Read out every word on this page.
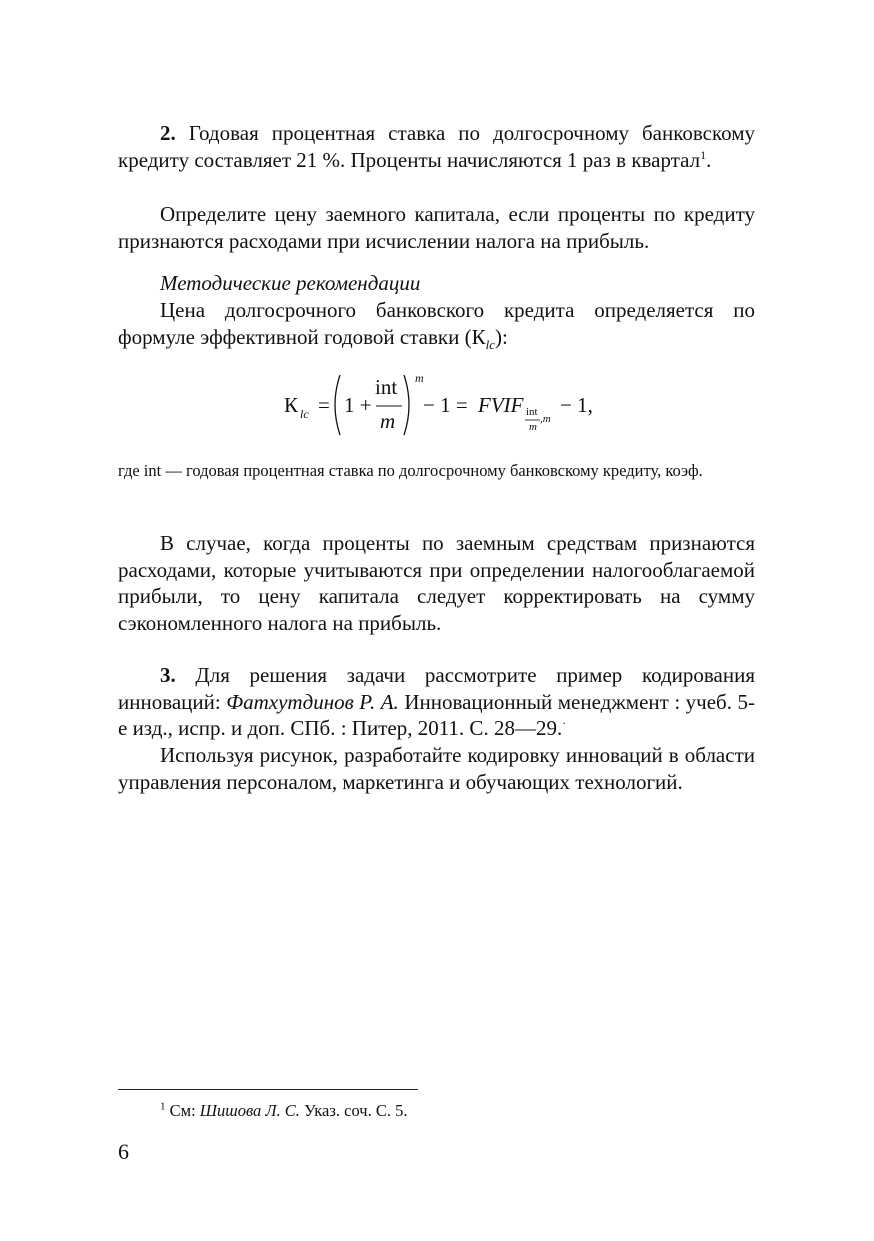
2. Годовая процентная ставка по долгосрочному банковскому кредиту составляет 21 %. Проценты начисляются 1 раз в квартал$^1$.

Определите цену заемного капитала, если проценты по кредиту признаются расходами при исчислении налога на прибыль.

Методические рекомендации

Цена долгосрочного банковского кредита определяется по формуле эффективной годовой ставки $(К_{lc})$:

К lc = 1 +
int
m
m
− 1 = FVIF int
m
,m
− 1,

где int — годовая процентная ставка по долгосрочному банковскому кредиту, коэф.

В случае, когда проценты по заемным средствам признаются расходами, которые учитываются при определении налогооблагаемой прибыли, то цену капитала следует корректировать на сумму сэкономленного налога на прибыль.

3. Для решения задачи рассмотрите пример кодирования инноваций: Фатхутдинов Р. А. Инновационный менеджмент : учеб. 5-е изд., испр. и доп. СПб. : Питер, 2011. С. 28—29.·

Используя рисунок, разработайте кодировку инноваций в области управления персоналом, маркетинга и обучающих технологий.

$^1$ См: Шишова Л. С. Указ. соч. С. 5.

6
